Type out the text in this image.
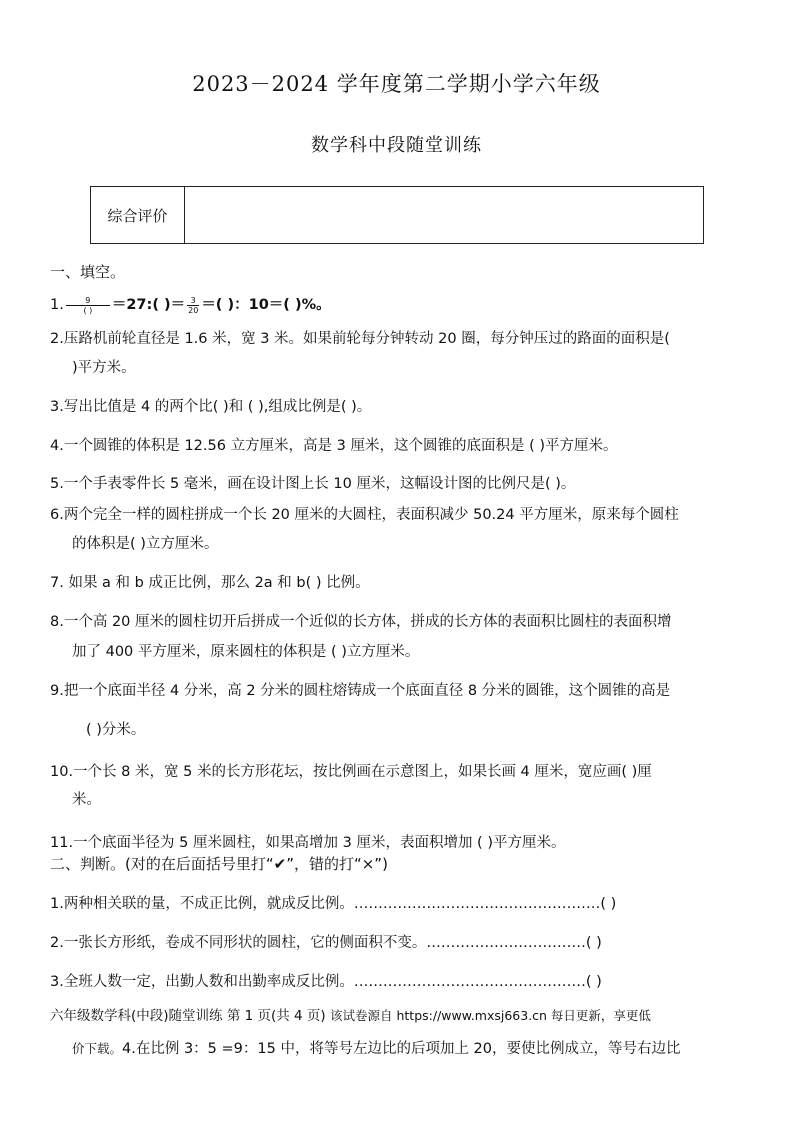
2023－2024 学年度第二学期小学六年级
数学科中段随堂训练
综合评价
一、填空。
1. $\frac{9}{( )}$ ＝27:( )＝ $\frac{3}{20}$ ＝( )：10＝( )%。
2.压路机前轮直径是 1.6 米，宽 3 米。如果前轮每分钟转动 20 圈，每分钟压过的路面的面积是(
)平方米。
3.写出比值是 4 的两个比( )和 ( ),组成比例是( )。
4.一个圆锥的体积是 12.56 立方厘米，高是 3 厘米，这个圆锥的底面积是 ( )平方厘米。
5.一个手表零件长 5 毫米，画在设计图上长 10 厘米，这幅设计图的比例尺是( )。
6.两个完全一样的圆柱拼成一个长 20 厘米的大圆柱，表面积减少 50.24 平方厘米，原来每个圆柱
的体积是( )立方厘米。
7. 如果 a 和 b 成正比例，那么 2a 和 b( ) 比例。
8.一个高 20 厘米的圆柱切开后拼成一个近似的长方体，拼成的长方体的表面积比圆柱的表面积增
加了 400 平方厘米，原来圆柱的体积是 ( )立方厘米。
9.把一个底面半径 4 分米，高 2 分米的圆柱熔铸成一个底面直径 8 分米的圆锥，这个圆锥的高是
( )分米。
10.一个长 8 米，宽 5 米的长方形花坛，按比例画在示意图上，如果长画 4 厘米，宽应画( )厘
米。
11.一个底面半径为 5 厘米圆柱，如果高增加 3 厘米，表面积增加 ( )平方厘米。
二、判断。(对的在后面括号里打“✔”，错的打“×”)
1.两种相关联的量，不成正比例，就成反比例。……………………………………………( )
2.一张长方形纸，卷成不同形状的圆柱，它的侧面积不变。……………………………( )
3.全班人数一定，出勤人数和出勤率成反比例。…………………………………………( )
六年级数学科(中段)随堂训练 第 1 页(共 4 页) 该试卷源自 https://www.mxsj663.cn 每日更新，享更低
价下载。4.在比例 3：5 =9：15 中，将等号左边比的后项加上 20，要使比例成立，等号右边比
